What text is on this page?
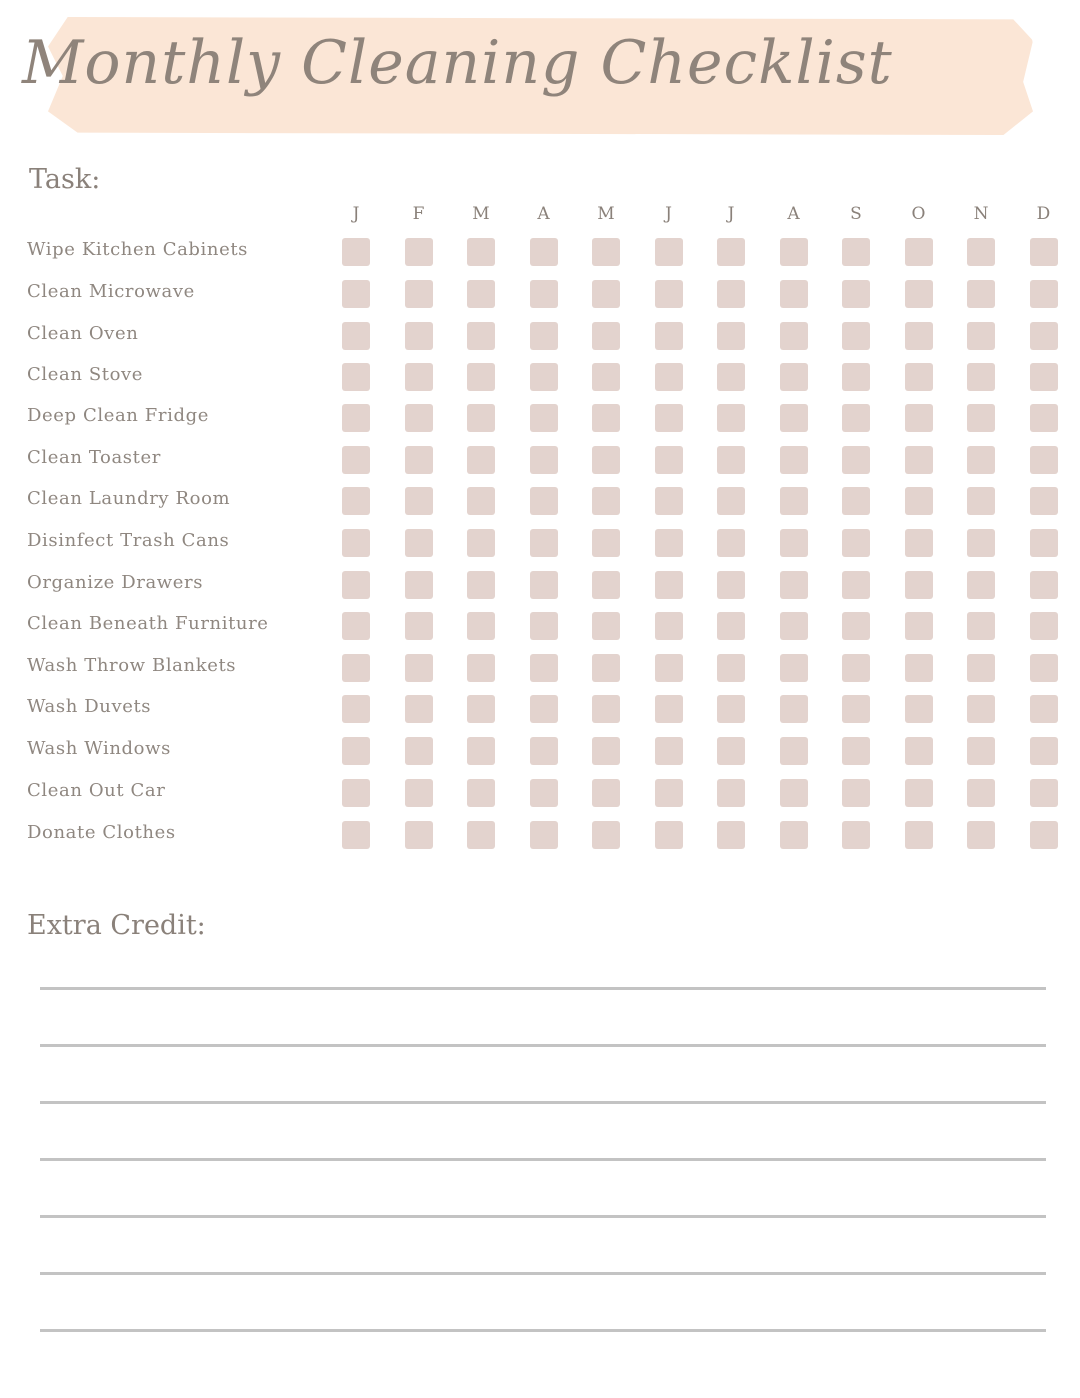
Monthly Cleaning Checklist
Task:
J	F	M	A	M	J	J	A	S	O	N	D
Wipe Kitchen Cabinets
Clean Microwave
Clean Oven
Clean Stove
Deep Clean Fridge
Clean Toaster
Clean Laundry Room
Disinfect Trash Cans
Organize Drawers
Clean Beneath Furniture
Wash Throw Blankets
Wash Duvets
Wash Windows
Clean Out Car
Donate Clothes
Extra Credit:
